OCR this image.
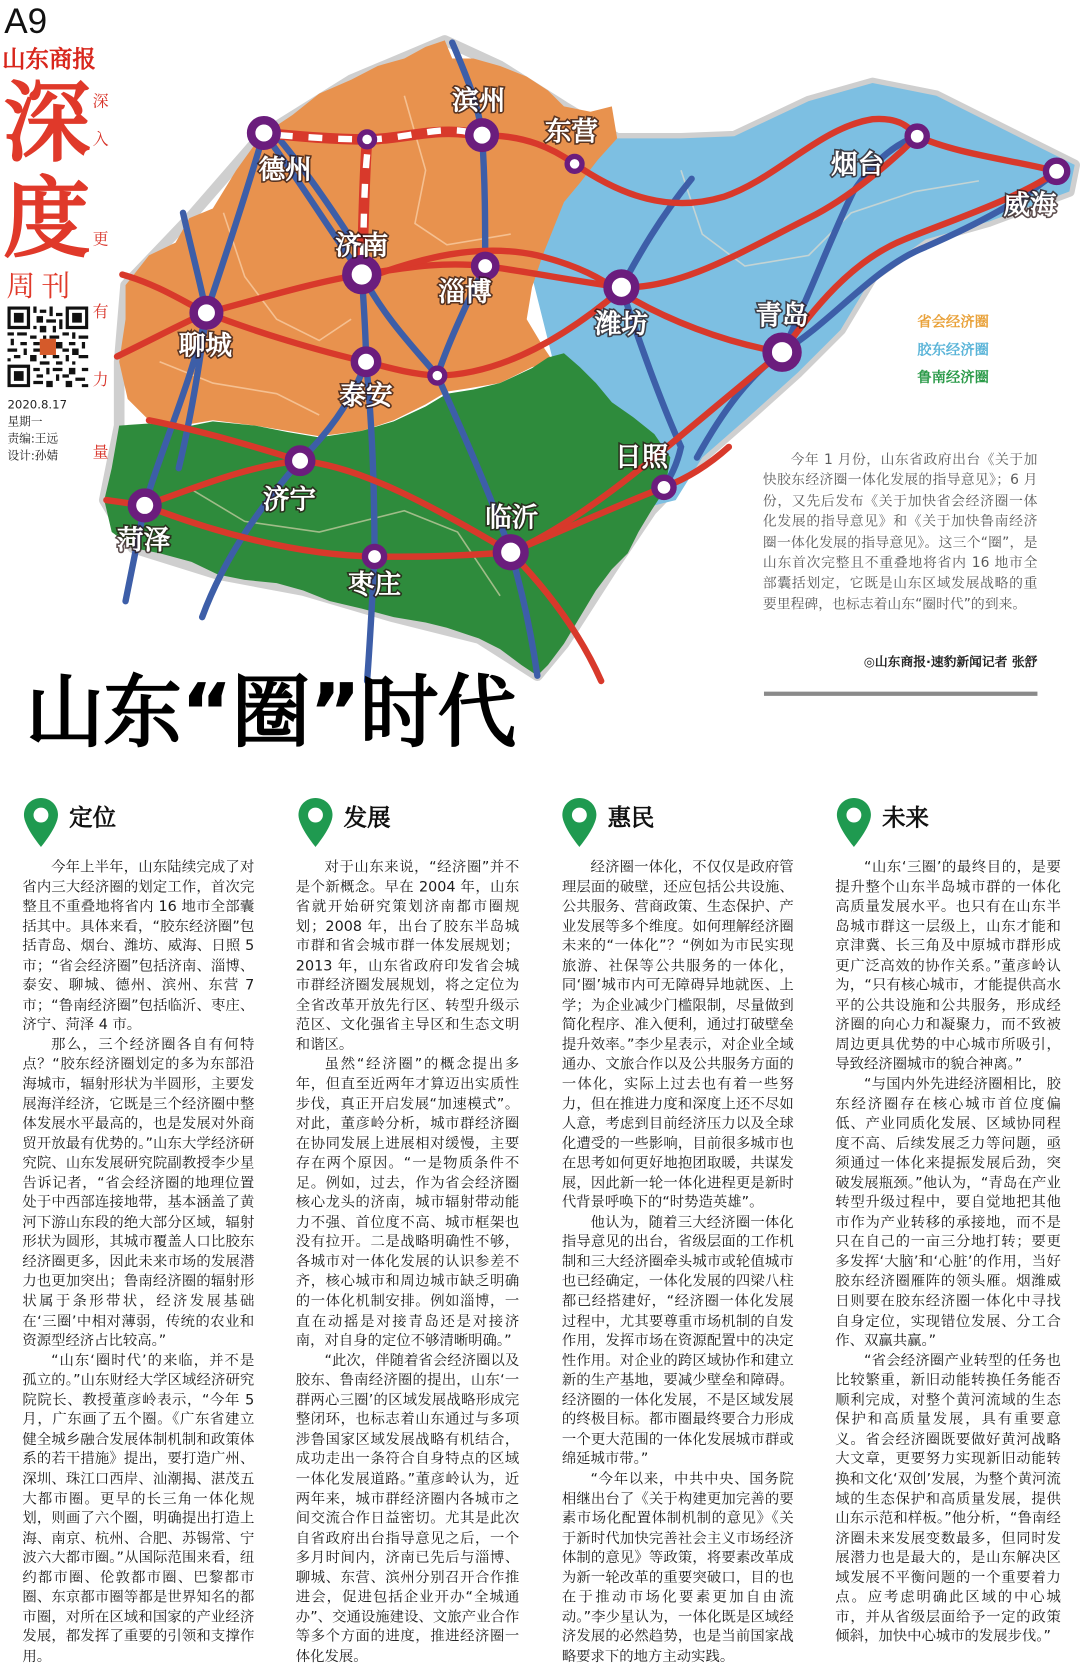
德州
滨州
东营
烟台
威海
济南
淄博
潍坊	青岛
聊城
泰安
济宁
菏泽
临沂
日照
枣庄
A9
山东商报
深
度
周刊
深
入
更
有
力
量
2020.8.17
星期一
责编:王远
设计:孙婧
省会经济圈
胶东经济圈
鲁南经济圈
今年 1 月份，山东省政府出台《关于加快胶东经济圈一体化发展的指导意见》；6 月份，又先后发布《关于加快省会经济圈一体化发展的指导意见》和《关于加快鲁南经济圈一体化发展的指导意见》。这三个“圈”，是山东首次完整且不重叠地将省内 16 地市全部囊括划定，它既是山东区域发展战略的重要里程碑，也标志着山东“圈时代”的到来。
◎山东商报·速豹新闻记者 张舒
山东“圈”时代
定位

今年上半年，山东陆续完成了对省内三大经济圈的划定工作，首次完整且不重叠地将省内 16 地市全部囊括其中。具体来看，“胶东经济圈”包括青岛、烟台、潍坊、威海、日照 5 市；“省会经济圈”包括济南、淄博、泰安、聊城、德州、滨州、东营 7 市；“鲁南经济圈”包括临沂、枣庄、济宁、菏泽 4 市。

那么，三个经济圈各自有何特点？“胶东经济圈划定的多为东部沿海城市，辐射形状为半圆形，主要发展海洋经济，它既是三个经济圈中整体发展水平最高的，也是发展对外商贸开放最有优势的。”山东大学经济研究院、山东发展研究院副教授李少星告诉记者，“省会经济圈的地理位置处于中西部连接地带，基本涵盖了黄河下游山东段的绝大部分区域，辐射形状为圆形，其城市覆盖人口比胶东经济圈更多，因此未来市场的发展潜力也更加突出；鲁南经济圈的辐射形状属于条形带状，经济发展基础在‘三圈’中相对薄弱，传统的农业和资源型经济占比较高。”

“山东‘圈时代’的来临，并不是孤立的。”山东财经大学区域经济研究院院长、教授董彦岭表示，“今年 5 月，广东画了五个圈。《广东省建立健全城乡融合发展体制机制和政策体系的若干措施》提出，要打造广州、深圳、珠江口西岸、汕潮揭、湛茂五大都市圈。更早的长三角一体化规划，则画了六个圈，明确提出打造上海、南京、杭州、合肥、苏锡常、宁波六大都市圈。”从国际范围来看，纽约都市圈、伦敦都市圈、巴黎都市圈、东京都市圈等都是世界知名的都市圈，对所在区域和国家的产业经济发展，都发挥了重要的引领和支撑作用。

发展

对于山东来说，“经济圈”并不是个新概念。早在 2004 年，山东省就开始研究策划济南都市圈规划；2008 年，出台了胶东半岛城市群和省会城市群一体发展规划；2013 年，山东省政府印发省会城市群经济圈发展规划，将之定位为全省改革开放先行区、转型升级示范区、文化强省主导区和生态文明和谐区。

虽然“经济圈”的概念提出多年，但直至近两年才算迈出实质性步伐，真正开启发展“加速模式”。对此，董彦岭分析，城市群经济圈在协同发展上进展相对缓慢，主要存在两个原因。“一是物质条件不足。例如，过去，作为省会经济圈核心龙头的济南，城市辐射带动能力不强、首位度不高、城市框架也没有拉开。二是战略明确性不够，各城市对一体化发展的认识参差不齐，核心城市和周边城市缺乏明确的一体化机制安排。例如淄博，一直在动摇是对接青岛还是对接济南，对自身的定位不够清晰明确。”

“此次，伴随着省会经济圈以及胶东、鲁南经济圈的提出，山东‘一群两心三圈’的区域发展战略形成完整闭环，也标志着山东通过与多项涉鲁国家区域发展战略有机结合，成功走出一条符合自身特点的区域一体化发展道路。”董彦岭认为，近两年来，城市群经济圈内各城市之间交流合作日益密切。尤其是此次自省政府出台指导意见之后，一个多月时间内，济南已先后与淄博、聊城、东营、滨州分别召开合作推进会，促进包括企业开办“全城通办”、交通设施建设、文旅产业合作等多个方面的进度，推进经济圈一体化发展。

惠民

经济圈一体化，不仅仅是政府管理层面的破壁，还应包括公共设施、公共服务、营商政策、生态保护、产业发展等多个维度。如何理解经济圈未来的“一体化”？“例如为市民实现旅游、社保等公共服务的一体化，同‘圈’城市内可无障碍异地就医、上学；为企业减少门槛限制，尽量做到简化程序、准入便利，通过打破壁垒提升效率。”李少星表示，对企业全域通办、文旅合作以及公共服务方面的一体化，实际上过去也有着一些努力，但在推进力度和深度上还不尽如人意，考虑到目前经济压力以及全球化遭受的一些影响，目前很多城市也在思考如何更好地抱团取暖，共谋发展，因此新一轮一体化进程更是新时代背景呼唤下的“时势造英雄”。

他认为，随着三大经济圈一体化指导意见的出台，省级层面的工作机制和三大经济圈牵头城市或轮值城市也已经确定，一体化发展的四梁八柱都已经搭建好，“经济圈一体化发展过程中，尤其要尊重市场机制的自发作用，发挥市场在资源配置中的决定性作用。对企业的跨区域协作和建立新的生产基地，要减少壁垒和障碍。经济圈的一体化发展，不是区域发展的终极目标。都市圈最终要合力形成一个更大范围的一体化发展城市群或绵延城市带。”

“今年以来，中共中央、国务院相继出台了《关于构建更加完善的要素市场化配置体制机制的意见》《关于新时代加快完善社会主义市场经济体制的意见》等政策，将要素改革成为新一轮改革的重要突破口，目的也在于推动市场化要素更加自由流动。”李少星认为，一体化既是区域经济发展的必然趋势，也是当前国家战略要求下的地方主动实践。

未来

“山东‘三圈’的最终目的，是要提升整个山东半岛城市群的一体化高质量发展水平。也只有在山东半岛城市群这一层级上，山东才能和京津冀、长三角及中原城市群形成更广泛高效的协作关系。”董彦岭认为，“只有核心城市，才能提供高水平的公共设施和公共服务，形成经济圈的向心力和凝聚力，而不致被周边更具优势的中心城市所吸引，导致经济圈城市的貌合神离。”

“与国内外先进经济圈相比，胶东经济圈存在核心城市首位度偏低、产业同质化发展、区域协同程度不高、后续发展乏力等问题，亟须通过一体化来提振发展后劲，突破发展瓶颈。”他认为，“青岛在产业转型升级过程中，要自觉地把其他市作为产业转移的承接地，而不是只在自己的一亩三分地打转；要更多发挥‘大脑’和‘心脏’的作用，当好胶东经济圈雁阵的领头雁。烟潍威日则要在胶东经济圈一体化中寻找自身定位，实现错位发展、分工合作、双赢共赢。”

“省会经济圈产业转型的任务也比较繁重，新旧动能转换任务能否顺利完成，对整个黄河流域的生态保护和高质量发展，具有重要意义。省会经济圈既要做好黄河战略大文章，更要努力实现新旧动能转换和文化‘双创’发展，为整个黄河流域的生态保护和高质量发展，提供山东示范和样板。”他分析，“鲁南经济圈未来发展变数最多，但同时发展潜力也是最大的，是山东解决区域发展不平衡问题的一个重要着力点。应考虑明确此区域的中心城市，并从省级层面给予一定的政策倾斜，加快中心城市的发展步伐。”
